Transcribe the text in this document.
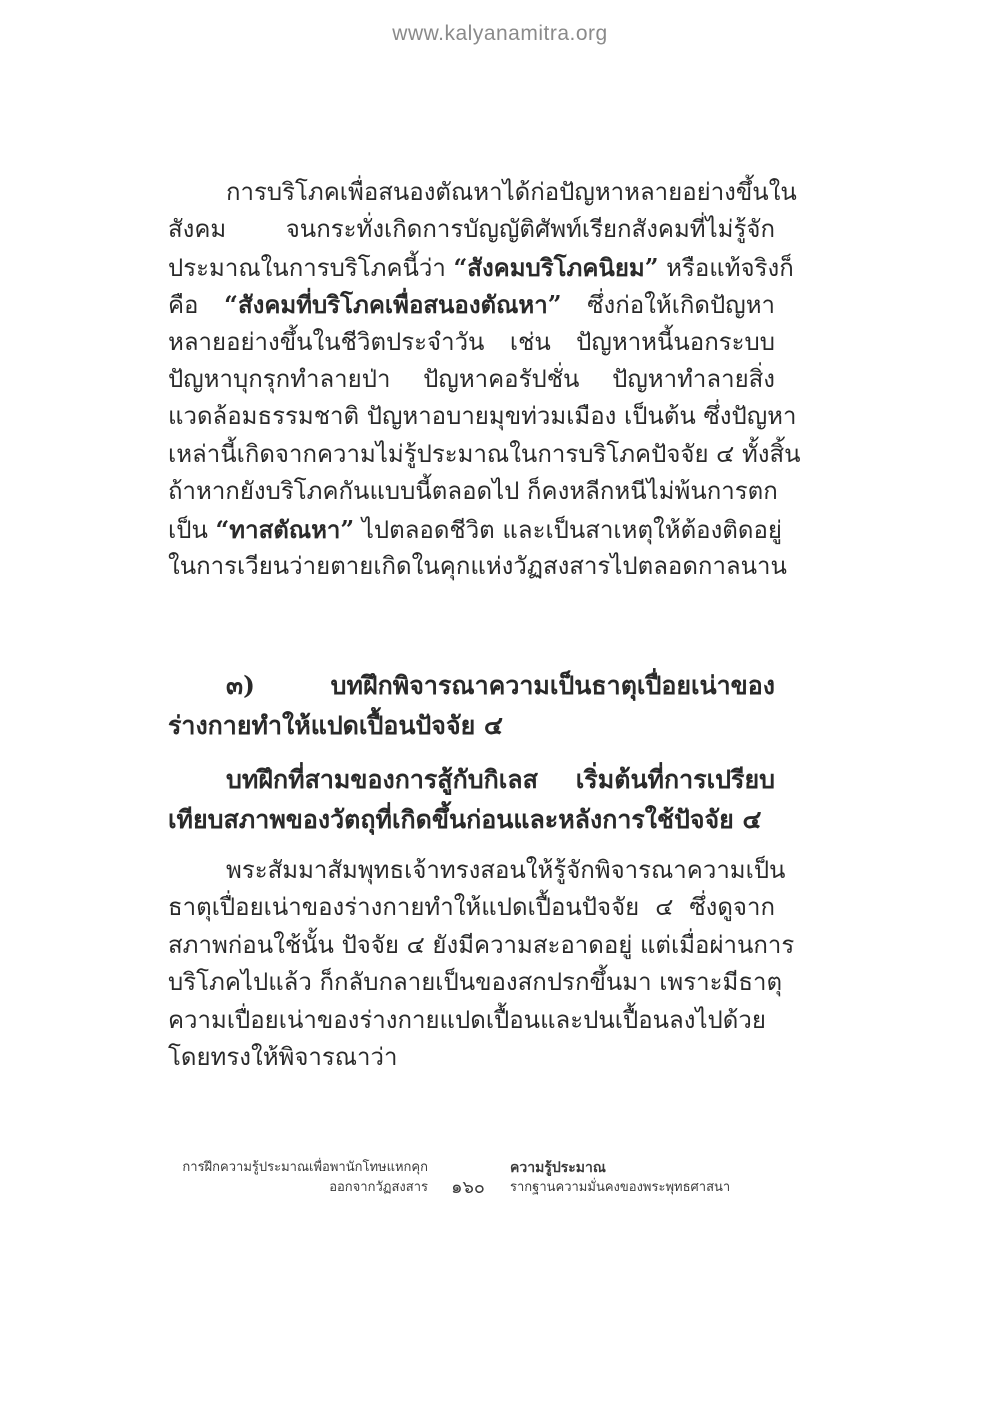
www.kalyanamitra.org
การบริโภคเพื่อสนองตัณหาได้ก่อปัญหาหลายอย่างขึ้นใน
สังคม จนกระทั่งเกิดการบัญญัติศัพท์เรียกสังคมที่ไม่รู้จัก
ประมาณในการบริโภคนี้ว่า “สังคมบริโภคนิยม” หรือแท้จริงก็
คือ “สังคมที่บริโภคเพื่อสนองตัณหา” ซึ่งก่อให้เกิดปัญหา
หลายอย่างขึ้นในชีวิตประจำวัน เช่น ปัญหาหนี้นอกระบบ
ปัญหาบุกรุกทำลายป่า ปัญหาคอรัปชั่น ปัญหาทำลายสิ่ง
แวดล้อมธรรมชาติ ปัญหาอบายมุขท่วมเมือง เป็นต้น ซึ่งปัญหา
เหล่านี้เกิดจากความไม่รู้ประมาณในการบริโภคปัจจัย ๔ ทั้งสิ้น
ถ้าหากยังบริโภคกันแบบนี้ตลอดไป ก็คงหลีกหนีไม่พ้นการตก
เป็น “ทาสตัณหา” ไปตลอดชีวิต และเป็นสาเหตุให้ต้องติดอยู่
ในการเวียนว่ายตายเกิดในคุกแห่งวัฏสงสารไปตลอดกาลนาน
๓) บทฝึกพิจารณาความเป็นธาตุเปื่อยเน่าของ
ร่างกายทำให้แปดเปื้อนปัจจัย ๔
บทฝึกที่สามของการสู้กับกิเลส เริ่มต้นที่การเปรียบ
เทียบสภาพของวัตถุที่เกิดขึ้นก่อนและหลังการใช้ปัจจัย ๔
พระสัมมาสัมพุทธเจ้าทรงสอนให้รู้จักพิจารณาความเป็น
ธาตุเปื่อยเน่าของร่างกายทำให้แปดเปื้อนปัจจัย ๔ ซึ่งดูจาก
สภาพก่อนใช้นั้น ปัจจัย ๔ ยังมีความสะอาดอยู่ แต่เมื่อผ่านการ
บริโภคไปแล้ว ก็กลับกลายเป็นของสกปรกขึ้นมา เพราะมีธาตุ
ความเปื่อยเน่าของร่างกายแปดเปื้อนและปนเปื้อนลงไปด้วย
โดยทรงให้พิจารณาว่า
การฝึกความรู้ประมาณเพื่อพานักโทษแหกคุก
ออกจากวัฏสงสาร	๑๖๐
ความรู้ประมาณ
รากฐานความมั่นคงของพระพุทธศาสนา
